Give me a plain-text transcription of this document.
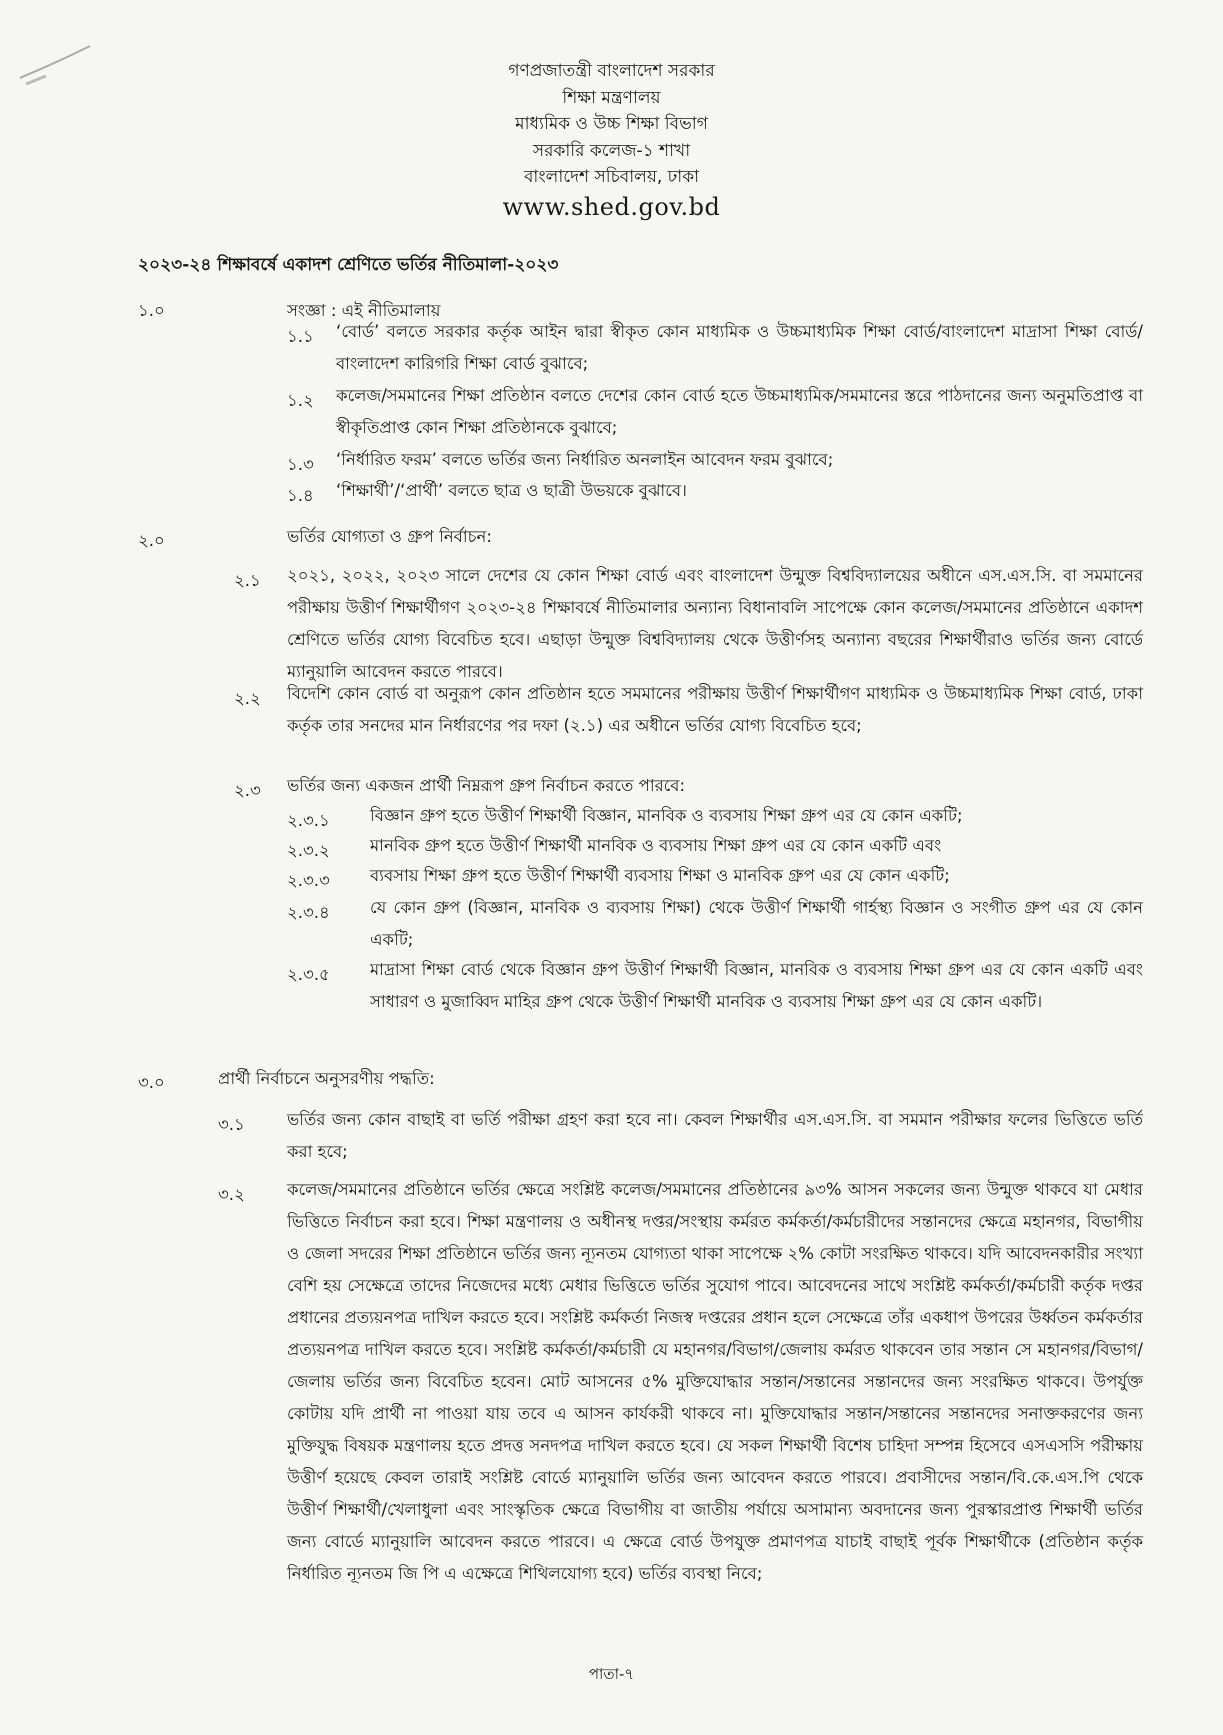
গণপ্রজাতন্ত্রী বাংলাদেশ সরকার
শিক্ষা মন্ত্রণালয়
মাধ্যমিক ও উচ্চ শিক্ষা বিভাগ
সরকারি কলেজ-১ শাখা
বাংলাদেশ সচিবালয়, ঢাকা
www.shed.gov.bd
২০২৩-২৪ শিক্ষাবর্ষে একাদশ শ্রেণিতে ভর্তির নীতিমালা-২০২৩
১.০	সংজ্ঞা : এই নীতিমালায়
১.১ ‘বোর্ড’ বলতে সরকার কর্তৃক আইন দ্বারা স্বীকৃত কোন মাধ্যমিক ও উচ্চমাধ্যমিক শিক্ষা বোর্ড/বাংলাদেশ মাদ্রাসা শিক্ষা বোর্ড/ বাংলাদেশ কারিগরি শিক্ষা বোর্ড বুঝাবে;
১.২ কলেজ/সমমানের শিক্ষা প্রতিষ্ঠান বলতে দেশের কোন বোর্ড হতে উচ্চমাধ্যমিক/সমমানের স্তরে পাঠদানের জন্য অনুমতিপ্রাপ্ত বা স্বীকৃতিপ্রাপ্ত কোন শিক্ষা প্রতিষ্ঠানকে বুঝাবে;
১.৩ ‘নির্ধারিত ফরম’ বলতে ভর্তির জন্য নির্ধারিত অনলাইন আবেদন ফরম বুঝাবে;
১.৪ ‘শিক্ষার্থী’/‘প্রার্থী’ বলতে ছাত্র ও ছাত্রী উভয়কে বুঝাবে।
২.০	ভর্তির যোগ্যতা ও গ্রুপ নির্বাচন:
২.১ ২০২১, ২০২২, ২০২৩ সালে দেশের যে কোন শিক্ষা বোর্ড এবং বাংলাদেশ উন্মুক্ত বিশ্ববিদ্যালয়ের অধীনে এস.এস.সি. বা সমমানের পরীক্ষায় উত্তীর্ণ শিক্ষার্থীগণ ২০২৩-২৪ শিক্ষাবর্ষে নীতিমালার অন্যান্য বিধানাবলি সাপেক্ষে কোন কলেজ/সমমানের প্রতিষ্ঠানে একাদশ শ্রেণিতে ভর্তির যোগ্য বিবেচিত হবে। এছাড়া উন্মুক্ত বিশ্ববিদ্যালয় থেকে উত্তীর্ণসহ অন্যান্য বছরের শিক্ষার্থীরাও ভর্তির জন্য বোর্ডে ম্যানুয়ালি আবেদন করতে পারবে।
২.২ বিদেশি কোন বোর্ড বা অনুরূপ কোন প্রতিষ্ঠান হতে সমমানের পরীক্ষায় উত্তীর্ণ শিক্ষার্থীগণ মাধ্যমিক ও উচ্চমাধ্যমিক শিক্ষা বোর্ড, ঢাকা কর্তৃক তার সনদের মান নির্ধারণের পর দফা (২.১) এর অধীনে ভর্তির যোগ্য বিবেচিত হবে;
২.৩ ভর্তির জন্য একজন প্রার্থী নিম্নরূপ গ্রুপ নির্বাচন করতে পারবে:
২.৩.১ বিজ্ঞান গ্রুপ হতে উত্তীর্ণ শিক্ষার্থী বিজ্ঞান, মানবিক ও ব্যবসায় শিক্ষা গ্রুপ এর যে কোন একটি;
২.৩.২ মানবিক গ্রুপ হতে উত্তীর্ণ শিক্ষার্থী মানবিক ও ব্যবসায় শিক্ষা গ্রুপ এর যে কোন একটি এবং
২.৩.৩ ব্যবসায় শিক্ষা গ্রুপ হতে উত্তীর্ণ শিক্ষার্থী ব্যবসায় শিক্ষা ও মানবিক গ্রুপ এর যে কোন একটি;
২.৩.৪ যে কোন গ্রুপ (বিজ্ঞান, মানবিক ও ব্যবসায় শিক্ষা) থেকে উত্তীর্ণ শিক্ষার্থী গার্হস্থ্য বিজ্ঞান ও সংগীত গ্রুপ এর যে কোন একটি;
২.৩.৫ মাদ্রাসা শিক্ষা বোর্ড থেকে বিজ্ঞান গ্রুপ উত্তীর্ণ শিক্ষার্থী বিজ্ঞান, মানবিক ও ব্যবসায় শিক্ষা গ্রুপ এর যে কোন একটি এবং সাধারণ ও মুজাব্বিদ মাহির গ্রুপ থেকে উত্তীর্ণ শিক্ষার্থী মানবিক ও ব্যবসায় শিক্ষা গ্রুপ এর যে কোন একটি।
৩.০	প্রার্থী নির্বাচনে অনুসরণীয় পদ্ধতি:
৩.১	ভর্তির জন্য কোন বাছাই বা ভর্তি পরীক্ষা গ্রহণ করা হবে না। কেবল শিক্ষার্থীর এস.এস.সি. বা সমমান পরীক্ষার ফলের ভিত্তিতে ভর্তি করা হবে;
৩.২	কলেজ/সমমানের প্রতিষ্ঠানে ভর্তির ক্ষেত্রে সংশ্লিষ্ট কলেজ/সমমানের প্রতিষ্ঠানের ৯৩% আসন সকলের জন্য উন্মুক্ত থাকবে যা মেধার ভিত্তিতে নির্বাচন করা হবে। শিক্ষা মন্ত্রণালয় ও অধীনস্থ দপ্তর/সংস্থায় কর্মরত কর্মকর্তা/কর্মচারীদের সন্তানদের ক্ষেত্রে মহানগর, বিভাগীয় ও জেলা সদরের শিক্ষা প্রতিষ্ঠানে ভর্তির জন্য ন্যূনতম যোগ্যতা থাকা সাপেক্ষে ২% কোটা সংরক্ষিত থাকবে। যদি আবেদনকারীর সংখ্যা বেশি হয় সেক্ষেত্রে তাদের নিজেদের মধ্যে মেধার ভিত্তিতে ভর্তির সুযোগ পাবে। আবেদনের সাথে সংশ্লিষ্ট কর্মকর্তা/কর্মচারী কর্তৃক দপ্তর প্রধানের প্রত্যয়নপত্র দাখিল করতে হবে। সংশ্লিষ্ট কর্মকর্তা নিজস্ব দপ্তরের প্রধান হলে সেক্ষেত্রে তাঁর একধাপ উপরের উর্ধ্বতন কর্মকর্তার প্রত্যয়নপত্র দাখিল করতে হবে। সংশ্লিষ্ট কর্মকর্তা/কর্মচারী যে মহানগর/বিভাগ/জেলায় কর্মরত থাকবেন তার সন্তান সে মহানগর/বিভাগ/জেলায় ভর্তির জন্য বিবেচিত হবেন। মোট আসনের ৫% মুক্তিযোদ্ধার সন্তান/সন্তানের সন্তানদের জন্য সংরক্ষিত থাকবে। উপর্যুক্ত কোটায় যদি প্রার্থী না পাওয়া যায় তবে এ আসন কার্যকরী থাকবে না। মুক্তিযোদ্ধার সন্তান/সন্তানের সন্তানদের সনাক্তকরণের জন্য মুক্তিযুদ্ধ বিষয়ক মন্ত্রণালয় হতে প্রদত্ত সনদপত্র দাখিল করতে হবে। যে সকল শিক্ষার্থী বিশেষ চাহিদা সম্পন্ন হিসেবে এসএসসি পরীক্ষায় উত্তীর্ণ হয়েছে কেবল তারাই সংশ্লিষ্ট বোর্ডে ম্যানুয়ালি ভর্তির জন্য আবেদন করতে পারবে। প্রবাসীদের সন্তান/বি.কে.এস.পি থেকে উত্তীর্ণ শিক্ষার্থী/খেলাধুলা এবং সাংস্কৃতিক ক্ষেত্রে বিভাগীয় বা জাতীয় পর্যায়ে অসামান্য অবদানের জন্য পুরস্কারপ্রাপ্ত শিক্ষার্থী ভর্তির জন্য বোর্ডে ম্যানুয়ালি আবেদন করতে পারবে। এ ক্ষেত্রে বোর্ড উপযুক্ত প্রমাণপত্র যাচাই বাছাই পূর্বক শিক্ষার্থীকে (প্রতিষ্ঠান কর্তৃক নির্ধারিত ন্যূনতম জি পি এ এক্ষেত্রে শিথিলযোগ্য হবে) ভর্তির ব্যবস্থা নিবে;
পাতা-৭
